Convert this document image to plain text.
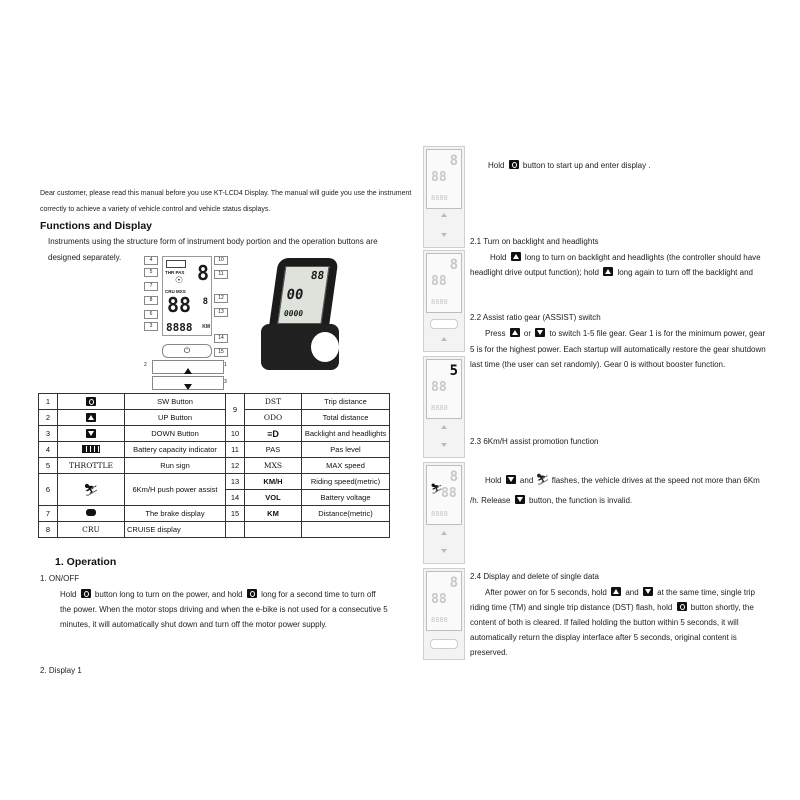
Dear customer, please read this manual before you use KT-LCD4 Display. The manual will guide you use the instrument
correctly to achieve a variety of vehicle control and vehicle status displays.
Functions and Display
Instruments using the structure form of instrument body portion and the operation buttons are
designed separately.
THR PAS 8
☉
CRU MXS
88 8
8888 KM
4
5
7
8
6
3
10
11
12
13
14
15
⏻
2	1
3
88
00
0000
1		SW Button	9	DST	Trip distance
2		UP Button		ODO	Total distance
3		DOWN Button	10	≡D	Backlight and headlights
4		Battery capacity indicator	11	PAS	Pas level
5	THROTTLE	Run sign	12	MXS	MAX speed
6	⛷	6Km/H push power assist	13	KM/H	Riding speed(metric)
			14	VOL	Battery voltage
7		The brake display	15	KM	Distance(metric)
8	CRU	CRUISE display			
1. Operation
1. ON/OFF
Hold button long to turn on the power, and hold long for a second time to turn off
the power. When the motor stops driving and when the e-bike is not used for a consecutive 5
minutes, it will automatically shut down and turn off the motor power supply.
2. Display 1
8
88
8888
8
88
8888
5
88
8888
8
⛷
88
8888
8
88
8888
Hold button to start up and enter display .
2.1 Turn on backlight and headlights
Hold long to turn on backlight and headlights (the controller should have
headlight drive output function); hold long again to turn off the backlight and
2.2 Assist ratio gear (ASSIST) switch
Press or to switch 1-5 file gear. Gear 1 is for the minimum power, gear
5 is for the highest power. Each startup will automatically restore the gear shutdown
last time (the user can set randomly). Gear 0 is without booster function.
2.3 6Km/H assist promotion function
Hold and ⛷ flashes, the vehicle drives at the speed not more than 6Km
/h. Release button, the function is invalid.
2.4 Display and delete of single data
After power on for 5 seconds, hold and at the same time, single trip
riding time (TM) and single trip distance (DST) flash, hold button shortly, the
content of both is cleared. If failed holding the button within 5 seconds, it will
automatically return the display interface after 5 seconds, original content is
preserved.
